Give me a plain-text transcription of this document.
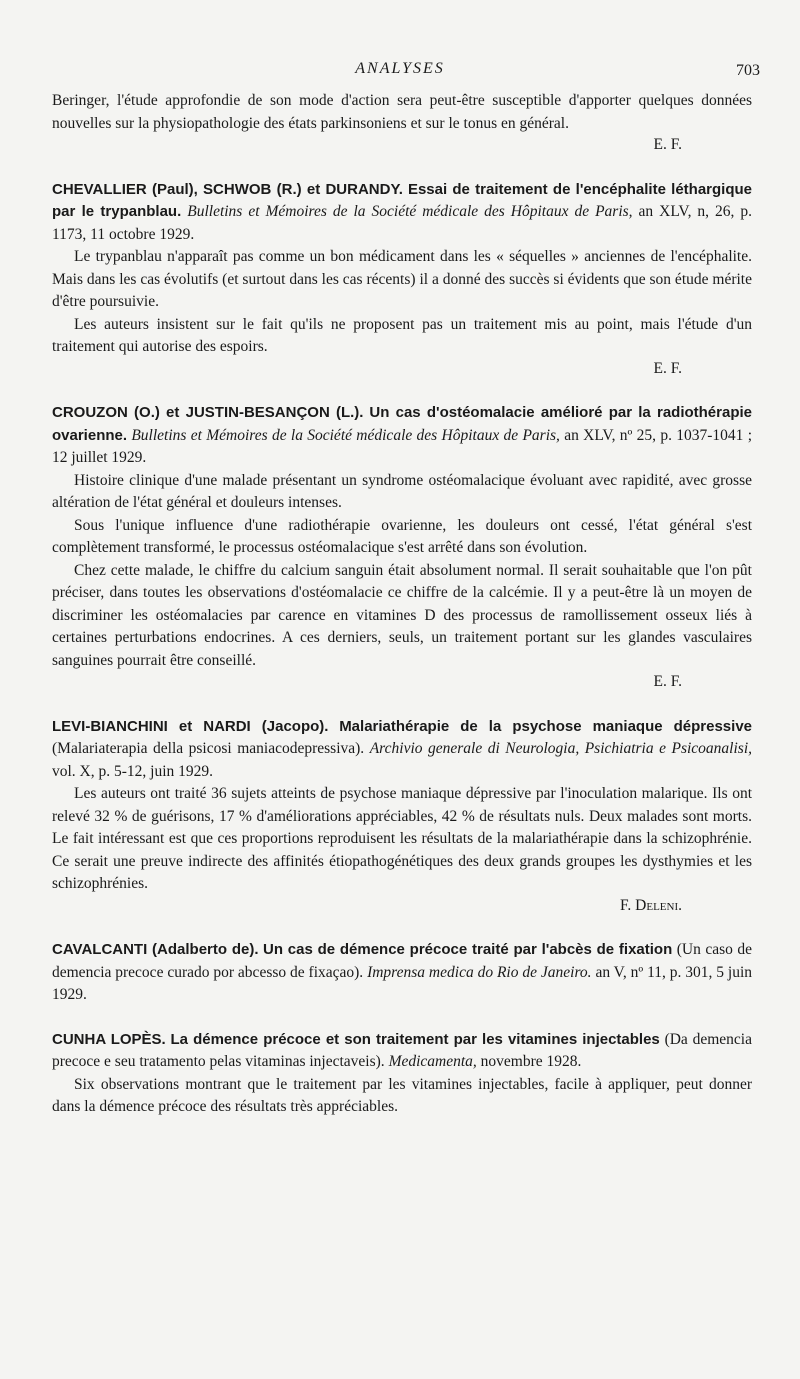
ANALYSES	703

Beringer, l'étude approfondie de son mode d'action sera peut-être susceptible d'apporter quelques données nouvelles sur la physiopathologie des états parkinsoniens et sur le tonus en général.

E. F.

CHEVALLIER (Paul), SCHWOB (R.) et DURANDY. Essai de traitement de l'encéphalite léthargique par le trypanblau. Bulletins et Mémoires de la Société médicale des Hôpitaux de Paris, an XLV, n, 26, p. 1173, 11 octobre 1929.

Le trypanblau n'apparaît pas comme un bon médicament dans les « séquelles » anciennes de l'encéphalite. Mais dans les cas évolutifs (et surtout dans les cas récents) il a donné des succès si évidents que son étude mérite d'être poursuivie.

Les auteurs insistent sur le fait qu'ils ne proposent pas un traitement mis au point, mais l'étude d'un traitement qui autorise des espoirs.

E. F.

CROUZON (O.) et JUSTIN-BESANÇON (L.). Un cas d'ostéomalacie amélioré par la radiothérapie ovarienne. Bulletins et Mémoires de la Société médicale des Hôpitaux de Paris, an XLV, nº 25, p. 1037-1041 ; 12 juillet 1929.

Histoire clinique d'une malade présentant un syndrome ostéomalacique évoluant avec rapidité, avec grosse altération de l'état général et douleurs intenses.

Sous l'unique influence d'une radiothérapie ovarienne, les douleurs ont cessé, l'état général s'est complètement transformé, le processus ostéomalacique s'est arrêté dans son évolution.

Chez cette malade, le chiffre du calcium sanguin était absolument normal. Il serait souhaitable que l'on pût préciser, dans toutes les observations d'ostéomalacie ce chiffre de la calcémie. Il y a peut-être là un moyen de discriminer les ostéomalacies par carence en vitamines D des processus de ramollissement osseux liés à certaines perturbations endocrines. A ces derniers, seuls, un traitement portant sur les glandes vasculaires sanguines pourrait être conseillé.

E. F.

LEVI-BIANCHINI et NARDI (Jacopo). Malariathérapie de la psychose maniaque dépressive (Malariaterapia della psicosi maniacodepressiva). Archivio generale di Neurologia, Psichiatria e Psicoanalisi, vol. X, p. 5-12, juin 1929.

Les auteurs ont traité 36 sujets atteints de psychose maniaque dépressive par l'inoculation malarique. Ils ont relevé 32 % de guérisons, 17 % d'améliorations appréciables, 42 % de résultats nuls. Deux malades sont morts. Le fait intéressant est que ces proportions reproduisent les résultats de la malariathérapie dans la schizophrénie. Ce serait une preuve indirecte des affinités étiopathogénétiques des deux grands groupes les dysthymies et les schizophrénies.

F. Deleni.

CAVALCANTI (Adalberto de). Un cas de démence précoce traité par l'abcès de fixation (Un caso de demencia precoce curado por abcesso de fixaçao). Imprensa medica do Rio de Janeiro. an V, nº 11, p. 301, 5 juin 1929.

CUNHA LOPÈS. La démence précoce et son traitement par les vitamines injectables (Da demencia precoce e seu tratamento pelas vitaminas injectaveis). Medicamenta, novembre 1928.

Six observations montrant que le traitement par les vitamines injectables, facile à appliquer, peut donner dans la démence précoce des résultats très appréciables.
